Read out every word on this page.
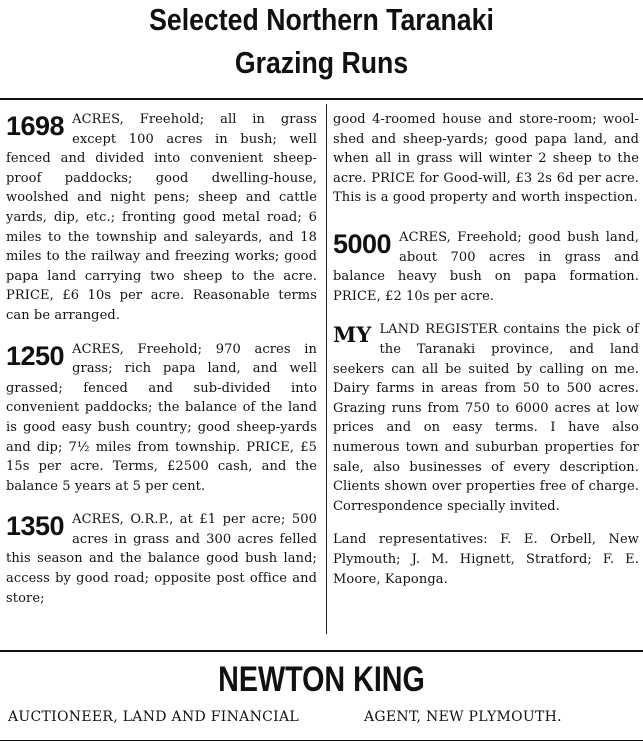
Selected Northern Taranaki
Grazing Runs

1698 ACRES, Freehold; all in grass except 100 acres in bush; well fenced and divided into convenient sheep-proof paddocks; good dwelling-house, woolshed and night pens; sheep and cattle yards, dip, etc.; fronting good metal road; 6 miles to the township and saleyards, and 18 miles to the railway and freezing works; good papa land carrying two sheep to the acre. PRICE, £6 10s per acre. Reasonable terms can be arranged.

1250 ACRES, Freehold; 970 acres in grass; rich papa land, and well grassed; fenced and sub-divided into convenient paddocks; the balance of the land is good easy bush country; good sheep-yards and dip; 7½ miles from township. PRICE, £5 15s per acre. Terms, £2500 cash, and the balance 5 years at 5 per cent.

1350 ACRES, O.R.P., at £1 per acre; 500 acres in grass and 300 acres felled this season and the balance good bush land; access by good road; opposite post office and store;

5000 ACRES, Freehold; good bush land, about 700 acres in grass and balance heavy bush on papa formation. PRICE, £2 10s per acre.

MY LAND REGISTER contains the pick of the Taranaki province, and land seekers can all be suited by calling on me. Dairy farms in areas from 50 to 500 acres. Grazing runs from 750 to 6000 acres at low prices and on easy terms. I have also numerous town and suburban properties for sale, also businesses of every description. Clients shown over properties free of charge. Correspondence specially invited.

Land representatives: F. E. Orbell, New Plymouth; J. M. Hignett, Stratford; F. E. Moore, Kaponga.

good 4-roomed house and store-room; wool-shed and sheep-yards; good papa land, and when all in grass will winter 2 sheep to the acre. PRICE for Good-will, £3 2s 6d per acre. This is a good property and worth inspection.

NEWTON KING
AUCTIONEER, LAND AND FINANCIAL	AGENT, NEW PLYMOUTH.
